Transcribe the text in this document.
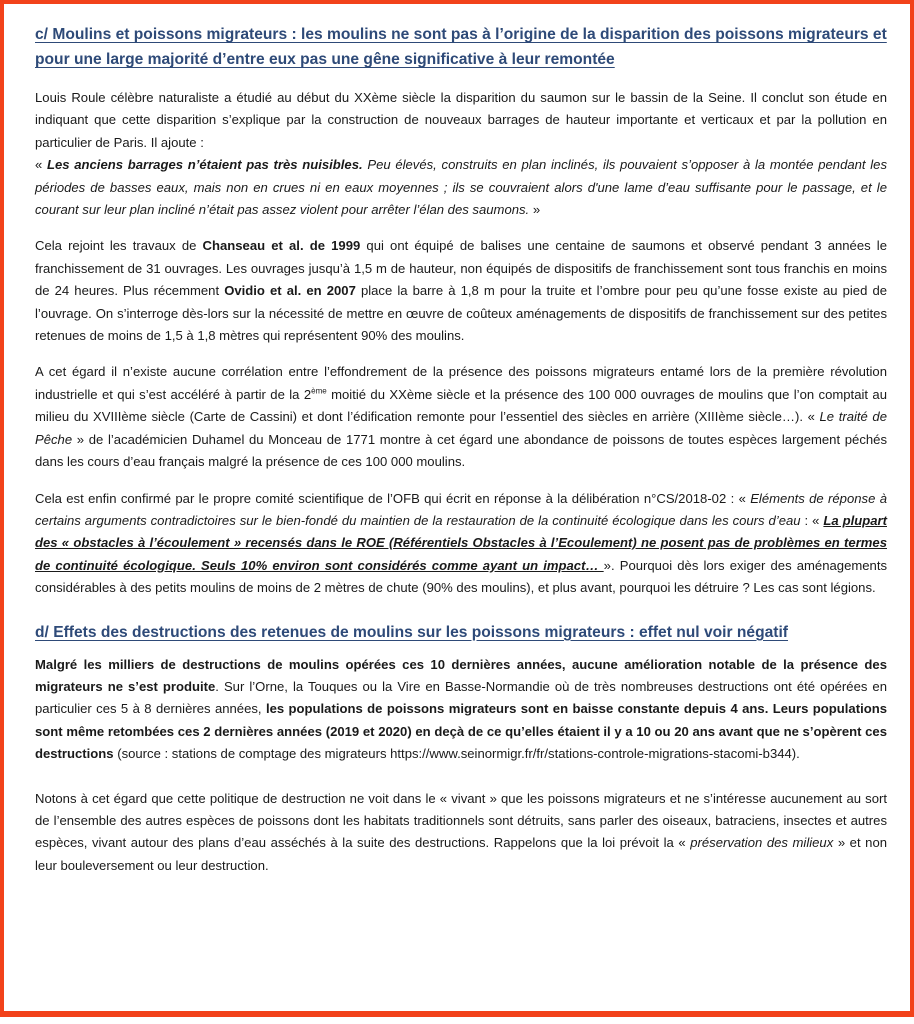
c/ Moulins et poissons migrateurs : les moulins ne sont pas à l’origine de la disparition des poissons migrateurs et pour une large majorité d’entre eux pas une gêne significative à leur remontée

Louis Roule célèbre naturaliste a étudié au début du XXème siècle la disparition du saumon sur le bassin de la Seine. Il conclut son étude en indiquant que cette disparition s’explique par la construction de nouveaux barrages de hauteur importante et verticaux et par la pollution en particulier de Paris. Il ajoute :
« Les anciens barrages n’étaient pas très nuisibles. Peu élevés, construits en plan inclinés, ils pouvaient s’opposer à la montée pendant les périodes de basses eaux, mais non en crues ni en eaux moyennes ; ils se couvraient alors d'une lame d’eau suffisante pour le passage, et le courant sur leur plan incliné n’était pas assez violent pour arrêter l’élan des saumons. »

Cela rejoint les travaux de Chanseau et al. de 1999 qui ont équipé de balises une centaine de saumons et observé pendant 3 années le franchissement de 31 ouvrages. Les ouvrages jusqu’à 1,5 m de hauteur, non équipés de dispositifs de franchissement sont tous franchis en moins de 24 heures. Plus récemment Ovidio et al. en 2007 place la barre à 1,8 m pour la truite et l’ombre pour peu qu’une fosse existe au pied de l’ouvrage. On s’interroge dès-lors sur la nécessité de mettre en œuvre de coûteux aménagements de dispositifs de franchissement sur des petites retenues de moins de 1,5 à 1,8 mètres qui représentent 90% des moulins.

A cet égard il n’existe aucune corrélation entre l’effondrement de la présence des poissons migrateurs entamé lors de la première révolution industrielle et qui s’est accéléré à partir de la 2ème moitié du XXème siècle et la présence des 100 000 ouvrages de moulins que l’on comptait au milieu du XVIIIème siècle (Carte de Cassini) et dont l’édification remonte pour l’essentiel des siècles en arrière (XIIIème siècle…). « Le traité de Pêche » de l’académicien Duhamel du Monceau de 1771 montre à cet égard une abondance de poissons de toutes espèces largement péchés dans les cours d’eau français malgré la présence de ces 100 000 moulins.

Cela est enfin confirmé par le propre comité scientifique de l’OFB qui écrit en réponse à la délibération n°CS/2018-02 : « Eléments de réponse à certains arguments contradictoires sur le bien-fondé du maintien de la restauration de la continuité écologique dans les cours d’eau : « La plupart des « obstacles à l’écoulement » recensés dans le ROE (Référentiels Obstacles à l’Ecoulement) ne posent pas de problèmes en termes de continuité écologique. Seuls 10% environ sont considérés comme ayant un impact… ». Pourquoi dès lors exiger des aménagements considérables à des petits moulins de moins de 2 mètres de chute (90% des moulins), et plus avant, pourquoi les détruire ? Les cas sont légions.

d/ Effets des destructions des retenues de moulins sur les poissons migrateurs : effet nul voir négatif

Malgré les milliers de destructions de moulins opérées ces 10 dernières années, aucune amélioration notable de la présence des migrateurs ne s’est produite. Sur l’Orne, la Touques ou la Vire en Basse-Normandie où de très nombreuses destructions ont été opérées en particulier ces 5 à 8 dernières années, les populations de poissons migrateurs sont en baisse constante depuis 4 ans. Leurs populations sont même retombées ces 2 dernières années (2019 et 2020) en deçà de ce qu’elles étaient il y a 10 ou 20 ans avant que ne s’opèrent ces destructions (source : stations de comptage des migrateurs https://www.seinormigr.fr/fr/stations-controle-migrations-stacomi-b344).

Notons à cet égard que cette politique de destruction ne voit dans le « vivant » que les poissons migrateurs et ne s’intéresse aucunement au sort de l’ensemble des autres espèces de poissons dont les habitats traditionnels sont détruits, sans parler des oiseaux, batraciens, insectes et autres espèces, vivant autour des plans d’eau asséchés à la suite des destructions. Rappelons que la loi prévoit la « préservation des milieux » et non leur bouleversement ou leur destruction.
